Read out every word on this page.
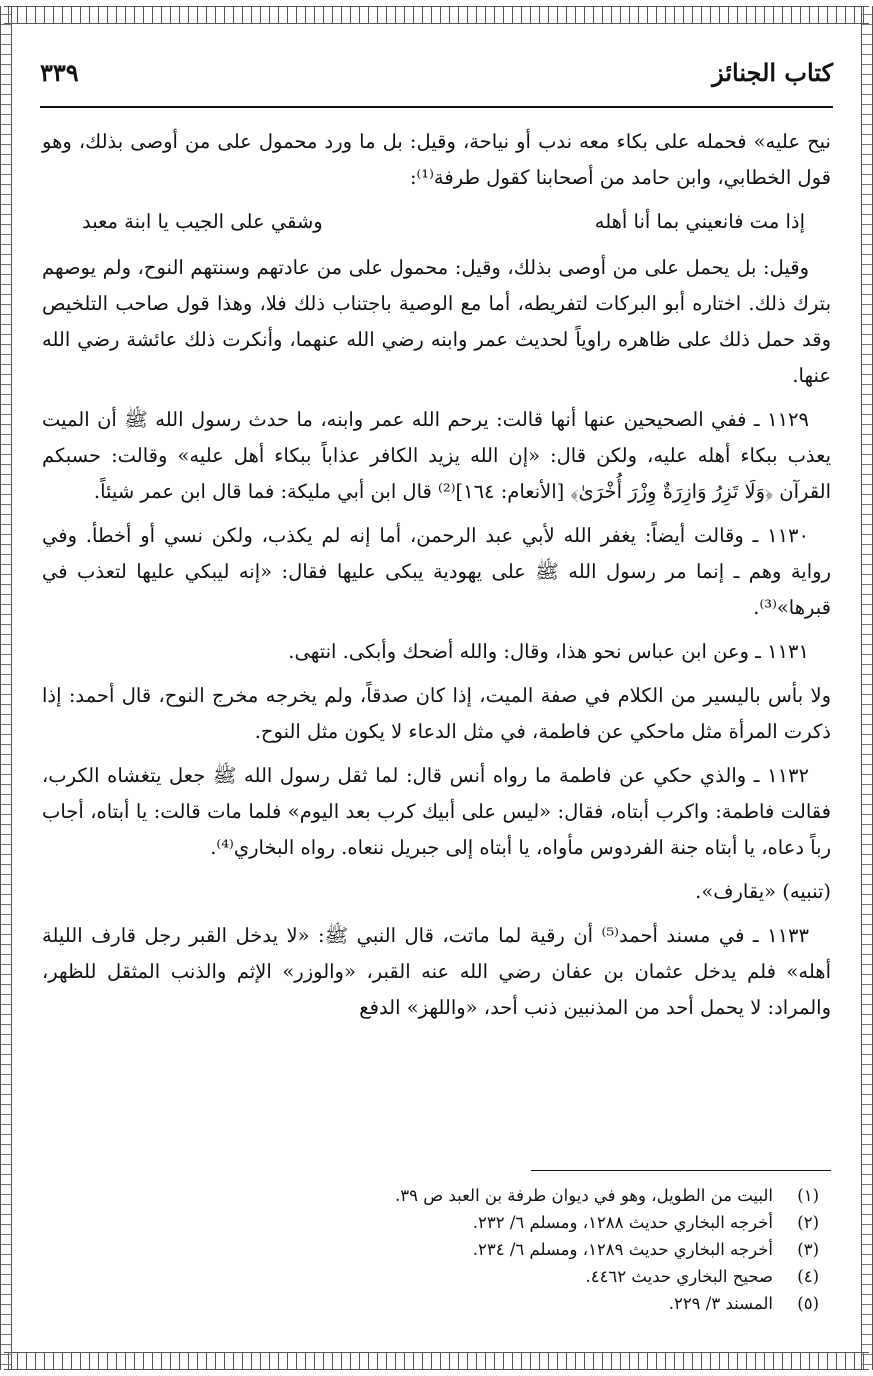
كتاب الجنائز
٣٣٩

نيح عليه» فحمله على بكاء معه ندب أو نياحة، وقيل: بل ما ورد محمول على من أوصى بذلك، وهو قول الخطابي، وابن حامد من أصحابنا كقول طرفة⁽¹⁾:

إذا مت فانعيني بما أنا أهله
وشقي على الجيب يا ابنة معبد

وقيل: بل يحمل على من أوصى بذلك، وقيل: محمول على من عادتهم وسنتهم النوح، ولم يوصهم بترك ذلك. اختاره أبو البركات لتفريطه، أما مع الوصية باجتناب ذلك فلا، وهذا قول صاحب التلخيص وقد حمل ذلك على ظاهره راوياً لحديث عمر وابنه رضي الله عنهما، وأنكرت ذلك عائشة رضي الله عنها.

١١٢٩ ـ ففي الصحيحين عنها أنها قالت: يرحم الله عمر وابنه، ما حدث رسول الله ﷺ أن الميت يعذب ببكاء أهله عليه، ولكن قال: «إن الله يزيد الكافر عذاباً ببكاء أهل عليه» وقالت: حسبكم القرآن ﴿وَلَا تَزِرُ وَازِرَةٌ وِزْرَ أُخْرَىٰ﴾ [الأنعام: ١٦٤]⁽²⁾ قال ابن أبي مليكة: فما قال ابن عمر شيئاً.

١١٣٠ ـ وقالت أيضاً: يغفر الله لأبي عبد الرحمن، أما إنه لم يكذب، ولكن نسي أو أخطأ. وفي رواية وهم ـ إنما مر رسول الله ﷺ على يهودية يبكى عليها فقال: «إنه ليبكي عليها لتعذب في قبرها»⁽³⁾.

١١٣١ ـ وعن ابن عباس نحو هذا، وقال: والله أضحك وأبكى. انتهى.

ولا بأس باليسير من الكلام في صفة الميت، إذا كان صدقاً، ولم يخرجه مخرج النوح، قال أحمد: إذا ذكرت المرأة مثل ماحكي عن فاطمة، في مثل الدعاء لا يكون مثل النوح.

١١٣٢ ـ والذي حكي عن فاطمة ما رواه أنس قال: لما ثقل رسول الله ﷺ جعل يتغشاه الكرب، فقالت فاطمة: واكرب أبتاه، فقال: «ليس على أبيك كرب بعد اليوم» فلما مات قالت: يا أبتاه، أجاب رباً دعاه، يا أبتاه جنة الفردوس مأواه، يا أبتاه إلى جبريل ننعاه. رواه البخاري⁽⁴⁾.

(تنبيه) «يقارف».

١١٣٣ ـ في مسند أحمد⁽⁵⁾ أن رقية لما ماتت، قال النبي ﷺ: «لا يدخل القبر رجل قارف الليلة أهله» فلم يدخل عثمان بن عفان رضي الله عنه القبر، «والوزر» الإثم والذنب المثقل للظهر، والمراد: لا يحمل أحد من المذنبين ذنب أحد، «واللهز» الدفع

(١)
البيت من الطويل، وهو في ديوان طرفة بن العبد ص ٣٩.
(٢)
أخرجه البخاري حديث ١٢٨٨، ومسلم ٦/ ٢٣٢.
(٣)
أخرجه البخاري حديث ١٢٨٩، ومسلم ٦/ ٢٣٤.
(٤)
صحيح البخاري حديث ٤٤٦٢.
(٥)
المسند ٣/ ٢٢٩.
